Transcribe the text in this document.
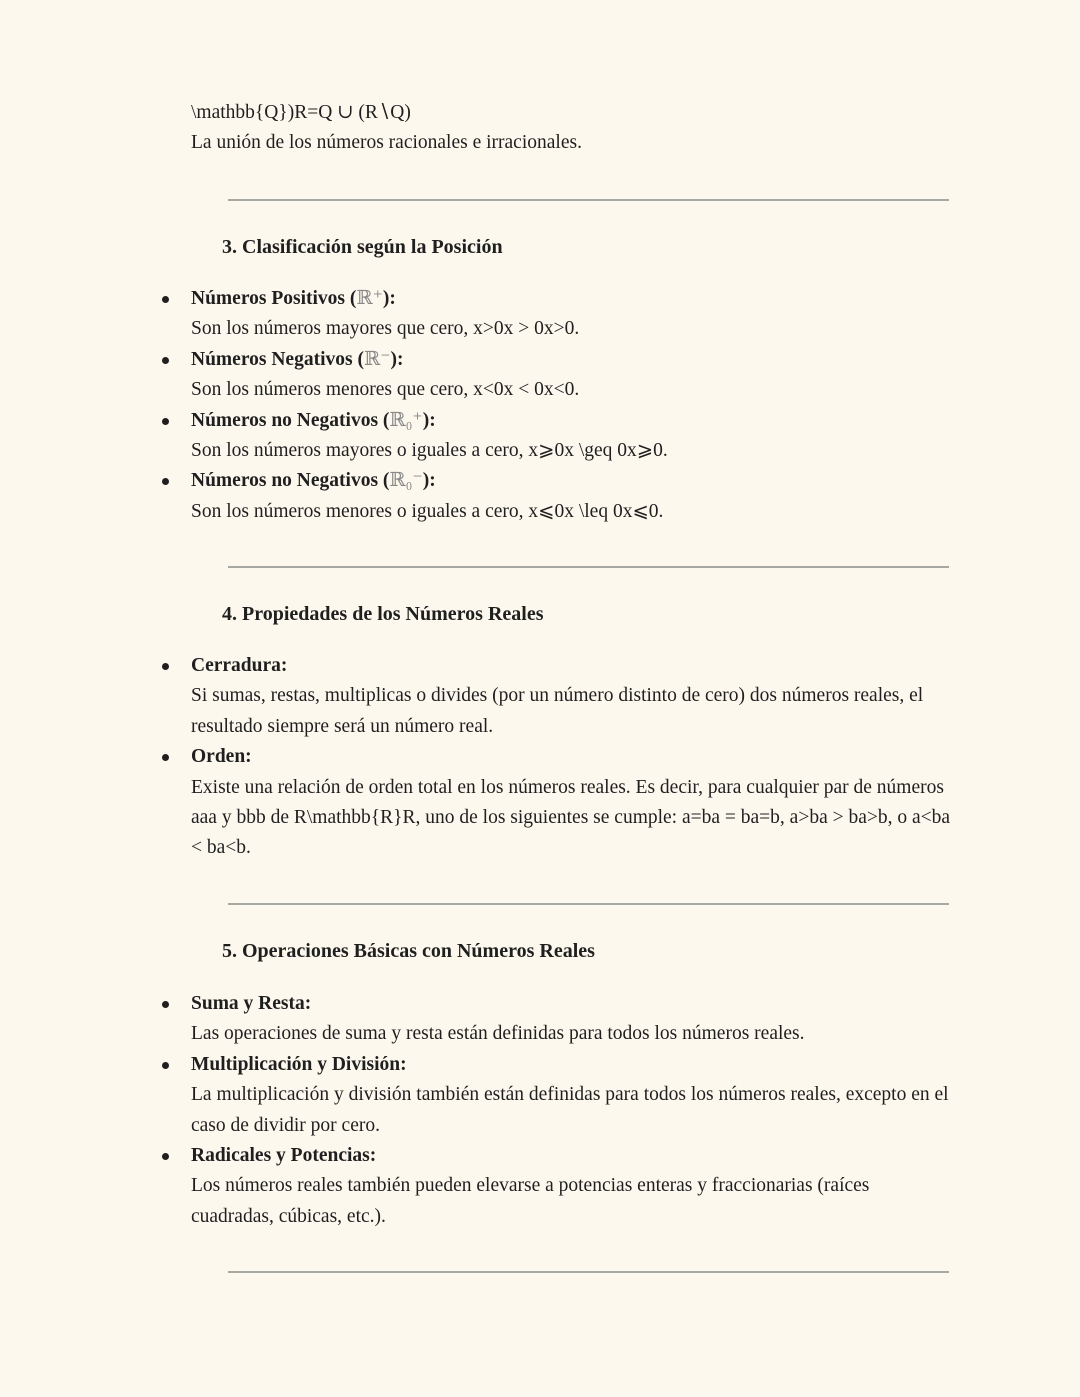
\mathbb{Q})R=Q ∪ (R∖Q)
La unión de los números racionales e irracionales.
3. Clasificación según la Posición
Números Positivos (ℝ⁺):
Son los números mayores que cero, x>0x > 0x>0.
Números Negativos (ℝ⁻):
Son los números menores que cero, x<0x < 0x<0.
Números no Negativos (ℝ₀⁺):
Son los números mayores o iguales a cero, x⩾0x \geq 0x⩾0.
Números no Negativos (ℝ₀⁻):
Son los números menores o iguales a cero, x⩽0x \leq 0x⩽0.
4. Propiedades de los Números Reales
Cerradura:
Si sumas, restas, multiplicas o divides (por un número distinto de cero) dos números reales, el resultado siempre será un número real.
Orden:
Existe una relación de orden total en los números reales. Es decir, para cualquier par de números aaa y bbb de R\mathbb{R}R, uno de los siguientes se cumple: a=ba = ba=b, a>ba > ba>b, o a<ba < ba<b.
5. Operaciones Básicas con Números Reales
Suma y Resta:
Las operaciones de suma y resta están definidas para todos los números reales.
Multiplicación y División:
La multiplicación y división también están definidas para todos los números reales, excepto en el caso de dividir por cero.
Radicales y Potencias:
Los números reales también pueden elevarse a potencias enteras y fraccionarias (raíces cuadradas, cúbicas, etc.).
